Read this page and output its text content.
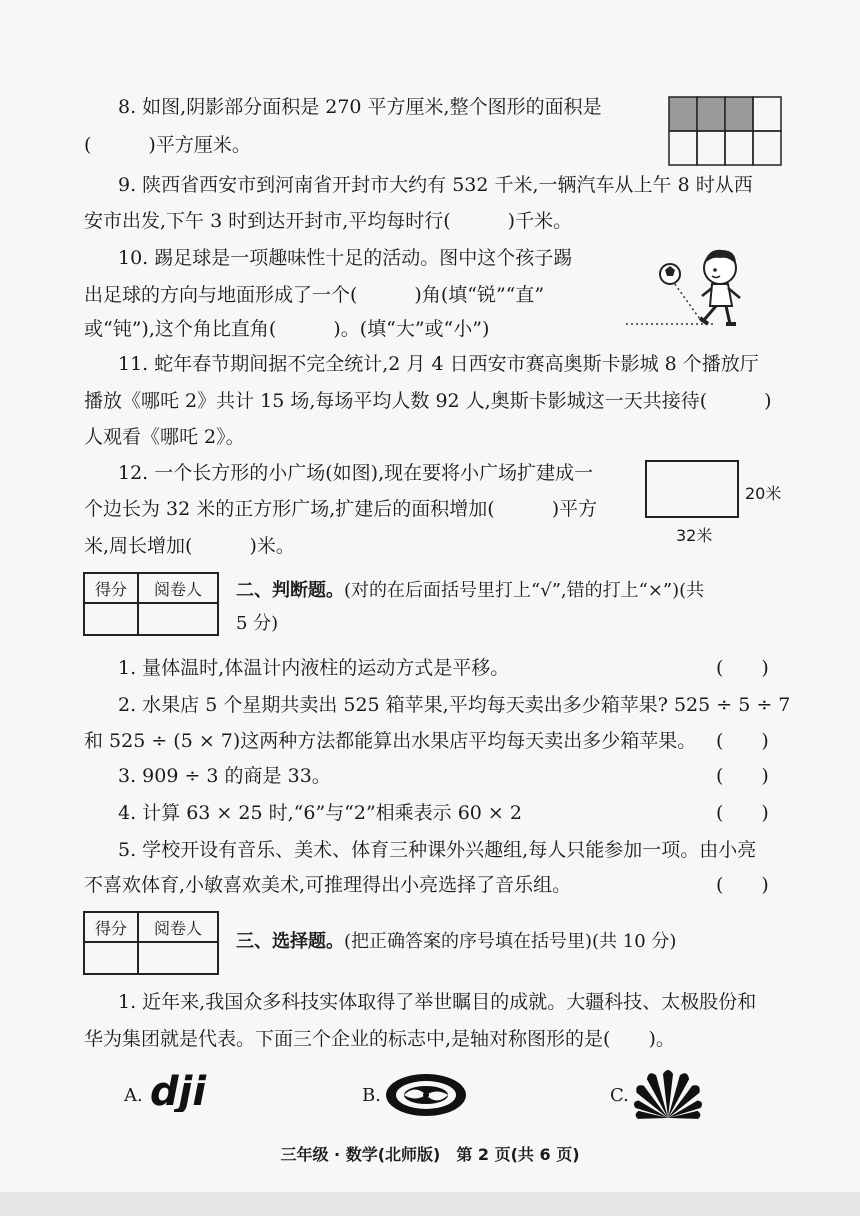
8. 如图,阴影部分面积是 270 平方厘米,整个图形的面积是
(　　　)平方厘米。
9. 陕西省西安市到河南省开封市大约有 532 千米,一辆汽车从上午 8 时从西
安市出发,下午 3 时到达开封市,平均每时行(　　　)千米。
10. 踢足球是一项趣味性十足的活动。图中这个孩子踢
出足球的方向与地面形成了一个(　　　)角(填“锐”“直”
或“钝”),这个角比直角(　　　)。(填“大”或“小”)
11. 蛇年春节期间据不完全统计,2 月 4 日西安市赛高奥斯卡影城 8 个播放厅
播放《哪吒 2》共计 15 场,每场平均人数 92 人,奥斯卡影城这一天共接待(　　　)
人观看《哪吒 2》。
12. 一个长方形的小广场(如图),现在要将小广场扩建成一
个边长为 32 米的正方形广场,扩建后的面积增加(　　　)平方
米,周长增加(　　　)米。
20米
32米
得分	阅卷人
	二、判断题。(对的在后面括号里打上“√”,错的打上“×”)(共
5 分)
1. 量体温时,体温计内液柱的运动方式是平移。	(　　)
2. 水果店 5 个星期共卖出 525 箱苹果,平均每天卖出多少箱苹果? 525 ÷ 5 ÷ 7
和 525 ÷ (5 × 7)这两种方法都能算出水果店平均每天卖出多少箱苹果。 (　　)
3. 909 ÷ 3 的商是 33。	(　　)
4. 计算 63 × 25 时,“6”与“2”相乘表示 60 × 2	(　　)
5. 学校开设有音乐、美术、体育三种课外兴趣组,每人只能参加一项。由小亮
不喜欢体育,小敏喜欢美术,可推理得出小亮选择了音乐组。	(　　)
得分	阅卷人

三、选择题。(把正确答案的序号填在括号里)(共 10 分)
1. 近年来,我国众多科技实体取得了举世瞩目的成就。大疆科技、太极股份和
华为集团就是代表。下面三个企业的标志中,是轴对称图形的是(　　)。
A. dji	B.	C.
三年级 · 数学(北师版)　第 2 页(共 6 页)
